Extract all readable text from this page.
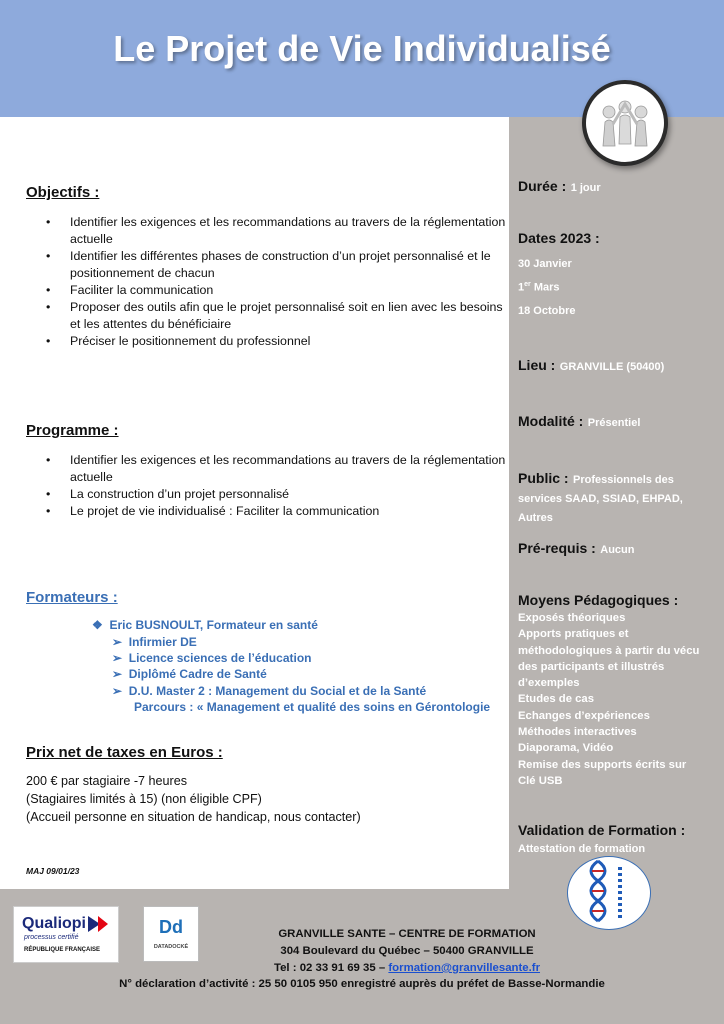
Le Projet de Vie Individualisé
Objectifs :
• Identifier les exigences et les recommandations au travers de la réglementation actuelle
• Identifier les différentes phases de construction d’un projet personnalisé et le positionnement de chacun
• Faciliter la communication
• Proposer des outils afin que le projet personnalisé soit en lien avec les besoins et les attentes du bénéficiaire
• Préciser le positionnement du professionnel
Programme :
• Identifier les exigences et les recommandations au travers de la réglementation actuelle
• La construction d’un projet personnalisé
• Le projet de vie individualisé : Faciliter la communication
Formateurs :
❖ Eric BUSNOULT, Formateur en santé
➢ Infirmier DE
➢ Licence sciences de l’éducation
➢ Diplômé Cadre de Santé
➢ D.U. Master 2 : Management du Social et de la Santé
Parcours : « Management et qualité des soins en Gérontologie
Prix net de taxes en Euros :
200 € par stagiaire -7 heures
(Stagiaires limités à 15) (non éligible CPF)
(Accueil personne en situation de handicap, nous contacter)
MAJ 09/01/23
Durée : 1 jour
Dates 2023 :
30 Janvier
1er Mars
18 Octobre
Lieu : GRANVILLE (50400)
Modalité : Présentiel
Public : Professionnels des
services SAAD, SSIAD, EHPAD,
Autres
Pré-requis : Aucun
Moyens Pédagogiques :
Exposés théoriques
Apports pratiques et
méthodologiques à partir du vécu
des participants et illustrés
d’exemples
Etudes de cas
Echanges d’expériences
Méthodes interactives
Diaporama, Vidéo
Remise des supports écrits sur
Clé USB
Validation de Formation :
Attestation de formation
Qualiopi
processus certifié
RÉPUBLIQUE FRANÇAISE
Dd
DATADOCKÉ
GRANVILLE SANTE – CENTRE DE FORMATION
304 Boulevard du Québec – 50400 GRANVILLE
Tel : 02 33 91 69 35 – formation@granvillesante.fr
N° déclaration d’activité : 25 50 0105 950 enregistré auprès du préfet de Basse-Normandie
